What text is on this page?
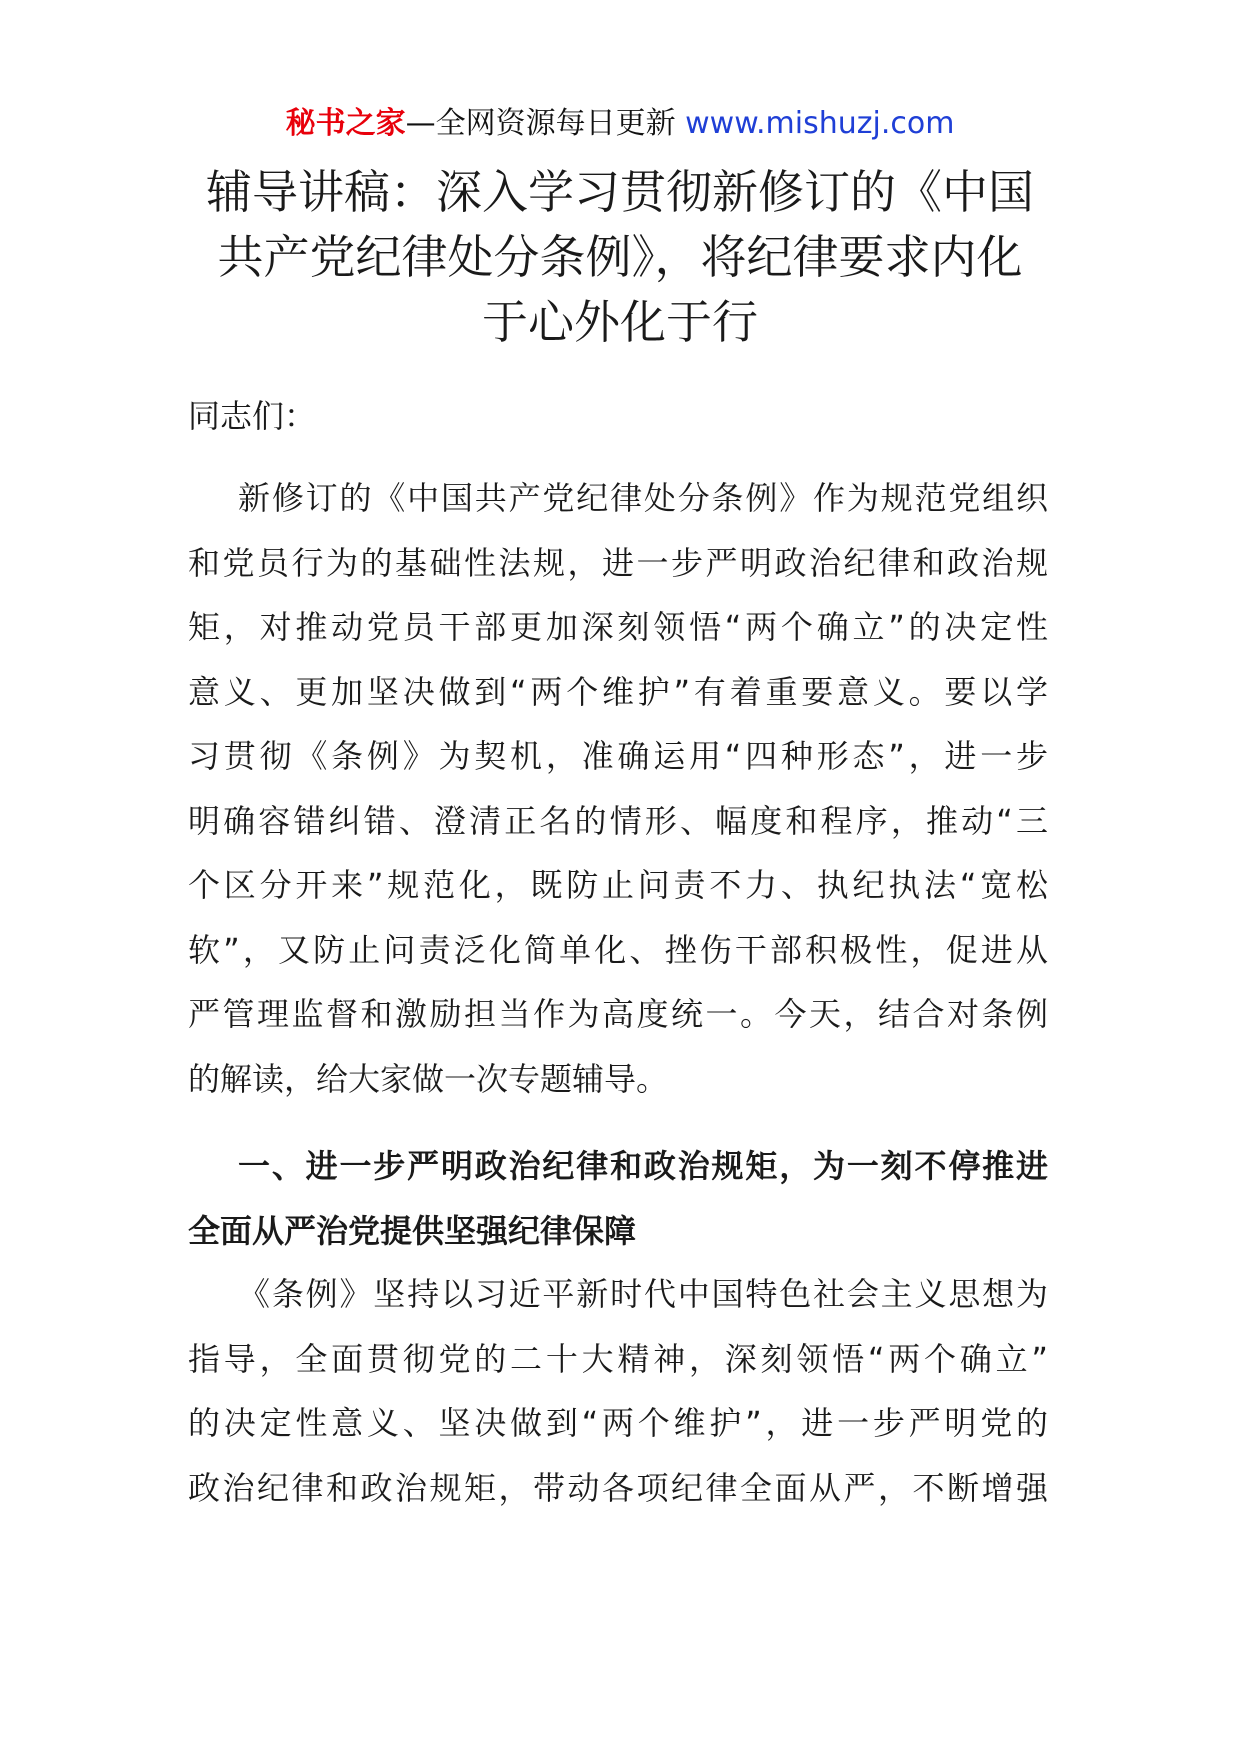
秘书之家—全网资源每日更新 www.mishuzj.com
辅导讲稿：深入学习贯彻新修订的《中国
共产党纪律处分条例》，将纪律要求内化
于心外化于行
同志们：
新修订的《中国共产党纪律处分条例》作为规范党组织
和党员行为的基础性法规，进一步严明政治纪律和政治规
矩，对推动党员干部更加深刻领悟“两个确立”的决定性
意义、更加坚决做到“两个维护”有着重要意义。要以学
习贯彻《条例》为契机，准确运用“四种形态”，进一步
明确容错纠错、澄清正名的情形、幅度和程序，推动“三
个区分开来”规范化，既防止问责不力、执纪执法“宽松
软”，又防止问责泛化简单化、挫伤干部积极性，促进从
严管理监督和激励担当作为高度统一。今天，结合对条例
的解读，给大家做一次专题辅导。
一、进一步严明政治纪律和政治规矩，为一刻不停推进
全面从严治党提供坚强纪律保障
《条例》坚持以习近平新时代中国特色社会主义思想为
指导，全面贯彻党的二十大精神，深刻领悟“两个确立”
的决定性意义、坚决做到“两个维护”，进一步严明党的
政治纪律和政治规矩，带动各项纪律全面从严，不断增强
